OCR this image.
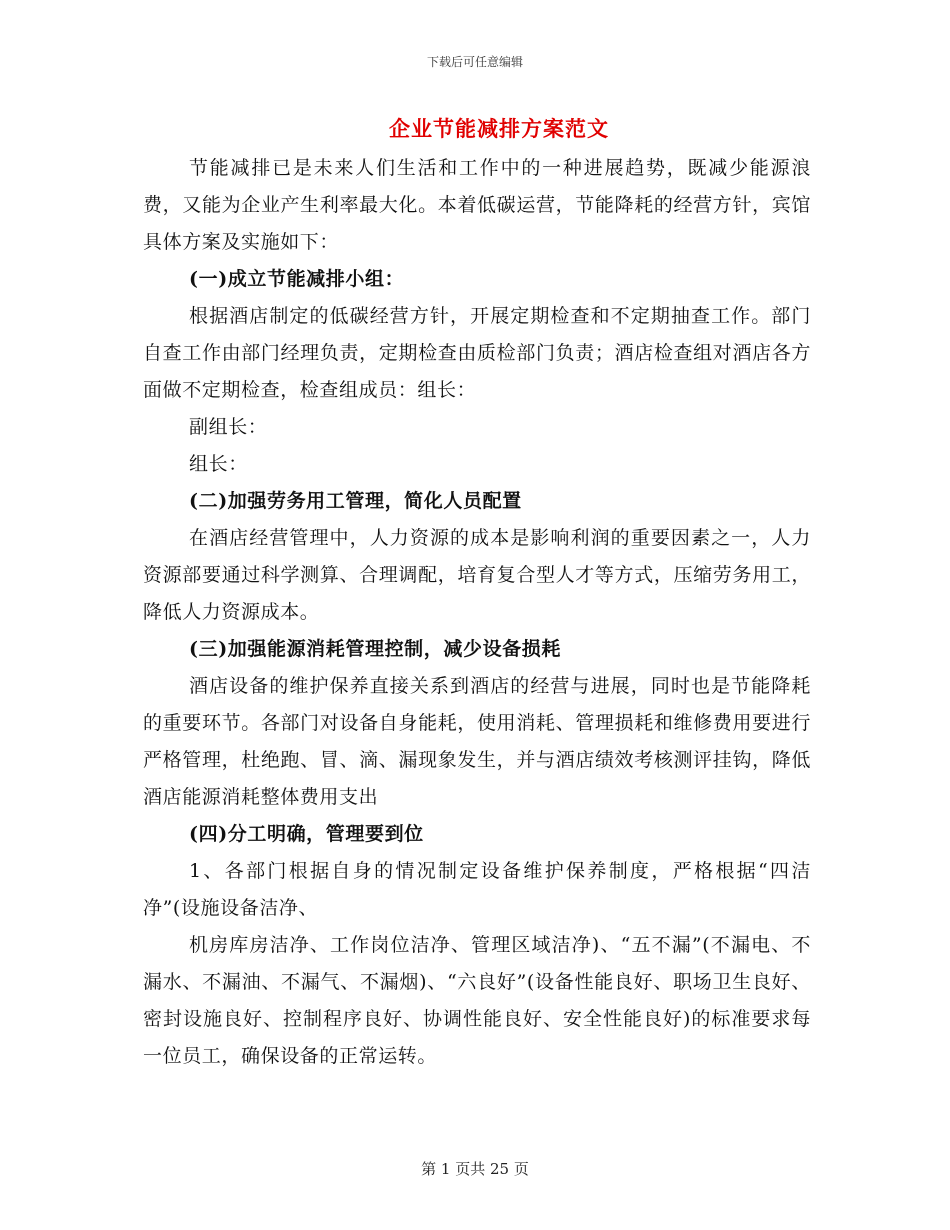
下载后可任意编辑
企业节能减排方案范文

节能减排已是未来人们生活和工作中的一种进展趋势，既减少能源浪费，又能为企业产生利率最大化。本着低碳运营，节能降耗的经营方针，宾馆具体方案及实施如下：

(一)成立节能减排小组：

根据酒店制定的低碳经营方针，开展定期检查和不定期抽查工作。部门自查工作由部门经理负责，定期检查由质检部门负责；酒店检查组对酒店各方面做不定期检查，检查组成员：组长：

副组长：

组长：

(二)加强劳务用工管理，简化人员配置

在酒店经营管理中，人力资源的成本是影响利润的重要因素之一，人力资源部要通过科学测算、合理调配，培育复合型人才等方式，压缩劳务用工，降低人力资源成本。

(三)加强能源消耗管理控制，减少设备损耗

酒店设备的维护保养直接关系到酒店的经营与进展，同时也是节能降耗的重要环节。各部门对设备自身能耗，使用消耗、管理损耗和维修费用要进行严格管理，杜绝跑、冒、滴、漏现象发生，并与酒店绩效考核测评挂钩，降低酒店能源消耗整体费用支出

(四)分工明确，管理要到位

1、各部门根据自身的情况制定设备维护保养制度，严格根据“四洁净”(设施设备洁净、

机房库房洁净、工作岗位洁净、管理区域洁净)、“五不漏”(不漏电、不漏水、不漏油、不漏气、不漏烟)、“六良好”(设备性能良好、职场卫生良好、密封设施良好、控制程序良好、协调性能良好、安全性能良好)的标准要求每一位员工，确保设备的正常运转。

第 1 页共 25 页
